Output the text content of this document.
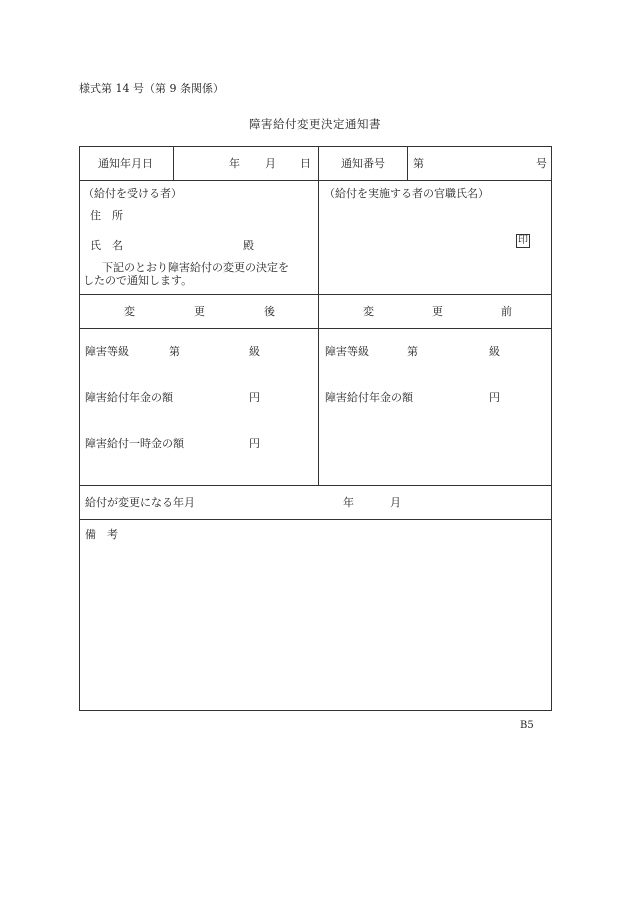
様式第 14 号（第 9 条関係）
障害給付変更決定通知書
通知年月日	年 月 日	通知番号	第	号
（給付を受ける者）
住　所
氏　名	殿
下記のとおり障害給付の変更の決定を
したので通知します。
（給付を実施する者の官職氏名）
印
変	更	後	変	更	前
障害等級	第	級
障害給付年金の額	円
障害給付一時金の額	円
障害等級	第	級
障害給付年金の額	円
給付が変更になる年月	年	月
備　考
B5
